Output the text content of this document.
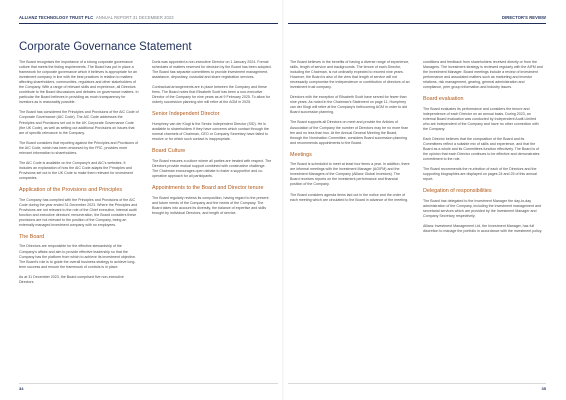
ALLIANZ TECHNOLOGY TRUST PLC ANNUAL REPORT 31 DECEMBER 2023	DIRECTOR'S REVIEW
Corporate Governance Statement

The Board recognises the importance of a strong corporate governance culture that meets the listing requirements. The Board has put in place a framework for corporate governance which it believes is appropriate for an investment company in line with the best practices in relation to matters affecting shareholders, communities, regulators and other stakeholders of the Company. With a range of relevant skills and experience, all Directors contribute to the Board discussions and debates on governance matters. In particular the Board believes in providing as much transparency for investors as is reasonably possible.

The Board has considered the Principles and Provisions of the AIC Code of Corporate Governance (AIC Code). The AIC Code addresses the Principles and Provisions set out in the UK Corporate Governance Code (the UK Code), as well as setting out additional Provisions on issues that are of specific relevance to the Company.

The Board considers that reporting against the Principles and Provisions of the AIC Code, which has been endorsed by the FRC, provides more relevant information to shareholders.

The AIC Code is available on the Company's and AIC's websites. It includes an explanation of how the AIC Code adapts the Principles and Provisions set out in the UK Code to make them relevant for investment companies.

Application of the Provisions and Principles

The Company has complied with the Principles and Provisions of the AIC Code during the year ended 31 December 2023. Where the Principles and Provisions are not relevant to the role of the Chief executive, internal audit function and executive directors' remuneration, the Board considers these provisions are not relevant to the position of the Company, being an externally managed investment company with no employees.

The Board

The Directors are responsible for the effective stewardship of the Company's affairs and aim to provide effective leadership so that the Company has the platform from which to achieve its investment objective. The Board's role is to guide the overall business strategy to achieve long-term success and ensure the framework of controls is in place.

As at 31 December 2023, the Board comprised five non-executive Directors.

Doris was appointed a non-executive Director on 1 January 2024. Formal schedules of matters reserved for decision by the Board has been adopted. The Board has separate committees to provide investment management, assistance, depositary, custodial and share registration services.

Contractual arrangements are in place between the Company and these firms. The Board notes that Elisabeth Scott has been a non-executive Director of the Company for nine years as at 9 February 2025. To allow for orderly succession planning she will retire at the AGM in 2025.

Senior Independent Director

Humphrey van der Klugt is the Senior Independent Director (SID). He is available to shareholders if they have concerns which contact through the normal channels of Chairman, CEO or Company Secretary have failed to resolve or for which such contact is inappropriate.

Board Culture

The Board ensures a culture where all parties are treated with respect. The Directors provide mutual support combined with constructive challenge. The Chairman encourages open debate to foster a supportive and co-operative approach for all participants.

Appointments to the Board and Director tenure

The Board regularly reviews its composition, having regard to the present and future needs of the Company and the needs of the Company. The Board takes into account its diversity, the balance of expertise and skills brought by individual Directors, and length of service.

The Board believes in the benefits of having a diverse range of experience, skills, length of service and backgrounds. The tenure of each Director, including the Chairman, is not ordinarily expected to exceed nine years. However, the Board is also of the view that length of service will not necessarily compromise the independence or contribution of directors of an investment trust company.

Directors with the exception of Elisabeth Scott have served for fewer than nine years. As noted in the Chairman's Statement on page 11, Humphrey van der Klugt will retire at the Company's forthcoming AGM in order to aid Board succession planning.

The Board supports all Directors on meet and provide the Articles of Association of the Company the number of Directors may be no more than ten and no less than two. At the Annual General Meeting the Board, through the Nomination Committee, considers Board succession planning and recommends appointments to the Board.

Meetings

The Board is scheduled to meet at least four times a year. In addition, there are informal meetings with the Investment Manager (AGIFM) and the Investment Managers of the Company (Allianz Global Investors). The Board receives reports on the investment performance and financial position of the Company.

The Board considers agenda items laid out in the notice and the order of each meeting which are circulated to the Board in advance of the meeting.

conditions and feedback from shareholders received directly or from the Managers. The investment strategy is reviewed regularly with the AIFM and the Investment Manager. Board meetings include a review of investment performance and associated matters such as marketing and investor relations, risk management, gearing, general administration and compliance, peer group information and industry issues.

Board evaluation

The Board evaluates its performance and considers the tenure and independence of each Director on an annual basis. During 2023, an external Board evaluation was conducted by Independent Audit Limited who are independent of the Company and have no other connection with the Company.

Each Director believes that the composition of the Board and its Committees reflect a suitable mix of skills and experience, and that the Board as a whole and its Committees function effectively. The Board is of the opinion that each Director continues to be effective and demonstrates commitment to the role.

The Board recommends the re-election of each of the Directors and the supporting biographies are displayed on pages 24 and 25 of this annual report.

Delegation of responsibilities

The Board has delegated to the Investment Manager the day-to-day administration of the Company, including the investment management and secretarial services which are provided by the Investment Manager and Company Secretary respectively.

Allianz Investment Management Ltd, the Investment Manager, has full discretion to manage the portfolio in accordance with the investment policy.

34	35
